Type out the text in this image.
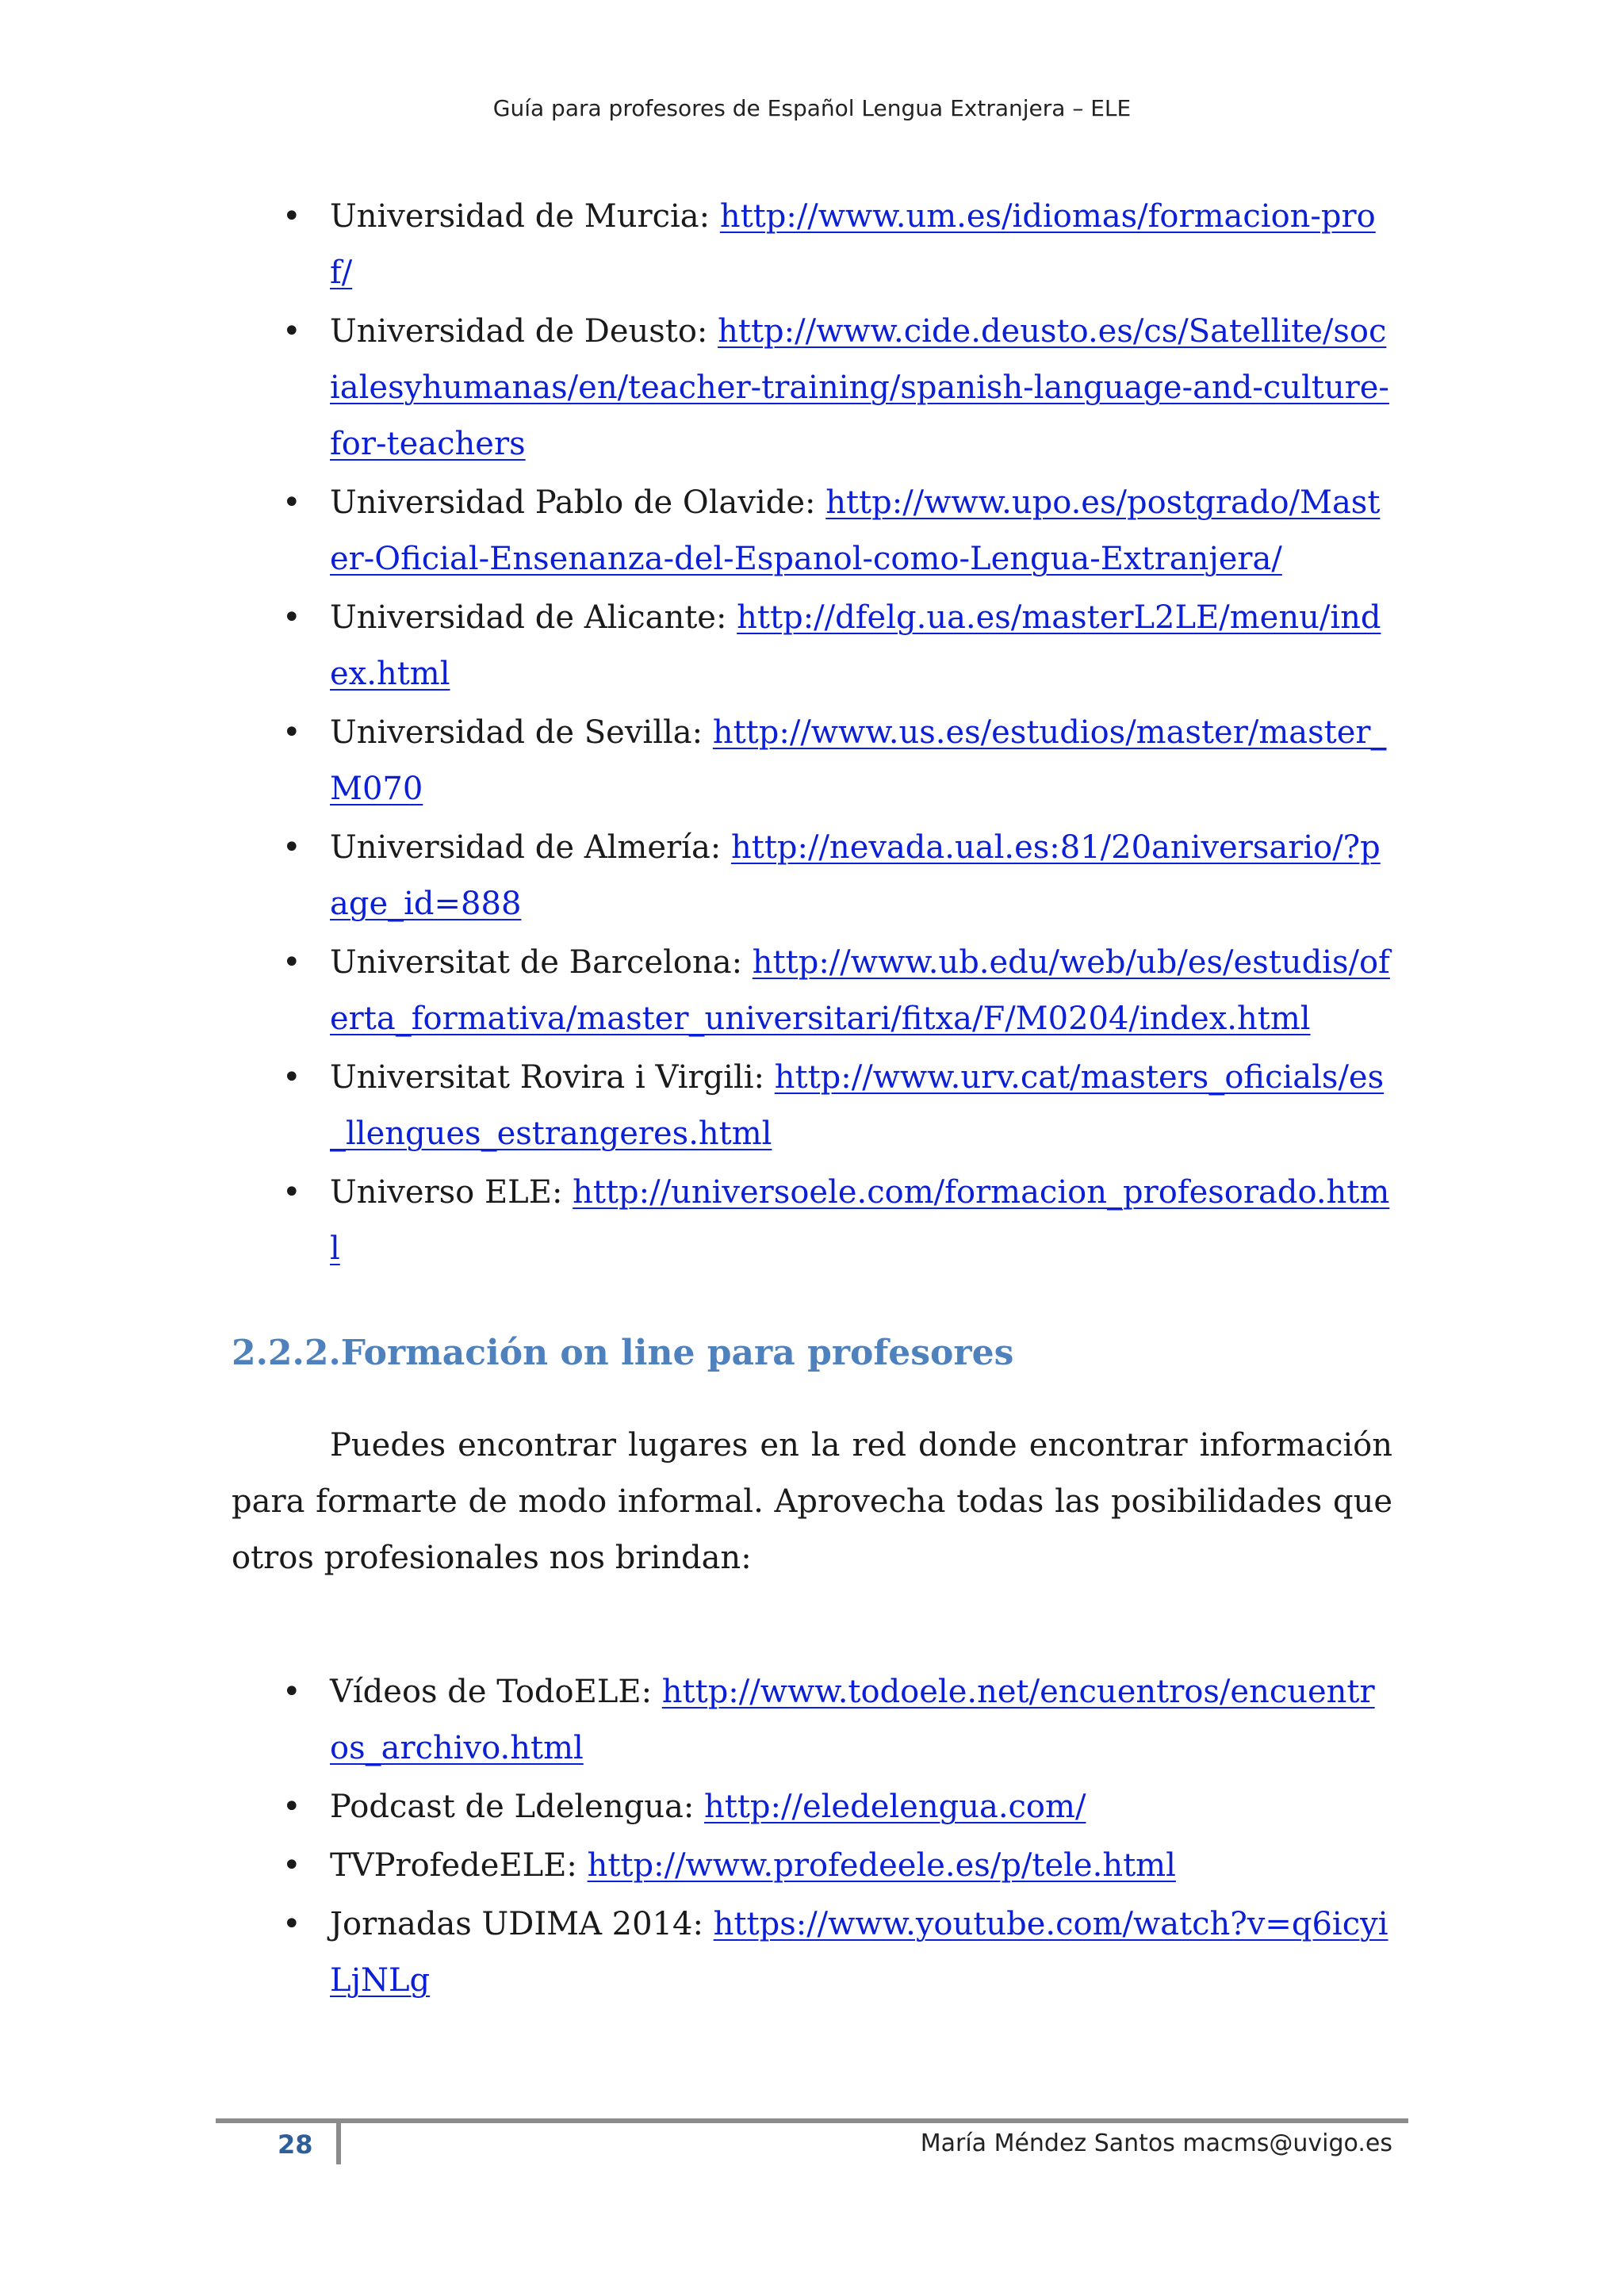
Guía para profesores de Español Lengua Extranjera – ELE
• Universidad de Murcia: http://www.um.es/idiomas/formacion-prof/
• Universidad de Deusto: http://www.cide.deusto.es/cs/Satellite/socialesyhumanas/en/teacher-training/spanish-language-and-culture-for-teachers
• Universidad Pablo de Olavide: http://www.upo.es/postgrado/Master-Oficial-Ensenanza-del-Espanol-como-Lengua-Extranjera/
• Universidad de Alicante: http://dfelg.ua.es/masterL2LE/menu/index.html
• Universidad de Sevilla: http://www.us.es/estudios/master/master_M070
• Universidad de Almería: http://nevada.ual.es:81/20aniversario/?page_id=888
• Universitat de Barcelona: http://www.ub.edu/web/ub/es/estudis/oferta_formativa/master_universitari/fitxa/F/M0204/index.html
• Universitat Rovira i Virgili: http://www.urv.cat/masters_oficials/es_llengues_estrangeres.html
• Universo ELE: http://universoele.com/formacion_profesorado.html
2.2.2.Formación on line para profesores
Puedes encontrar lugares en la red donde encontrar información para formarte de modo informal. Aprovecha todas las posibilidades que otros profesionales nos brindan:
• Vídeos de TodoELE: http://www.todoele.net/encuentros/encuentros_archivo.html
• Podcast de Ldelengua: http://eledelengua.com/
• TVProfedeELE: http://www.profedeele.es/p/tele.html
• Jornadas UDIMA 2014: https://www.youtube.com/watch?v=q6icyiLjNLg
28	María Méndez Santos macms@uvigo.es
